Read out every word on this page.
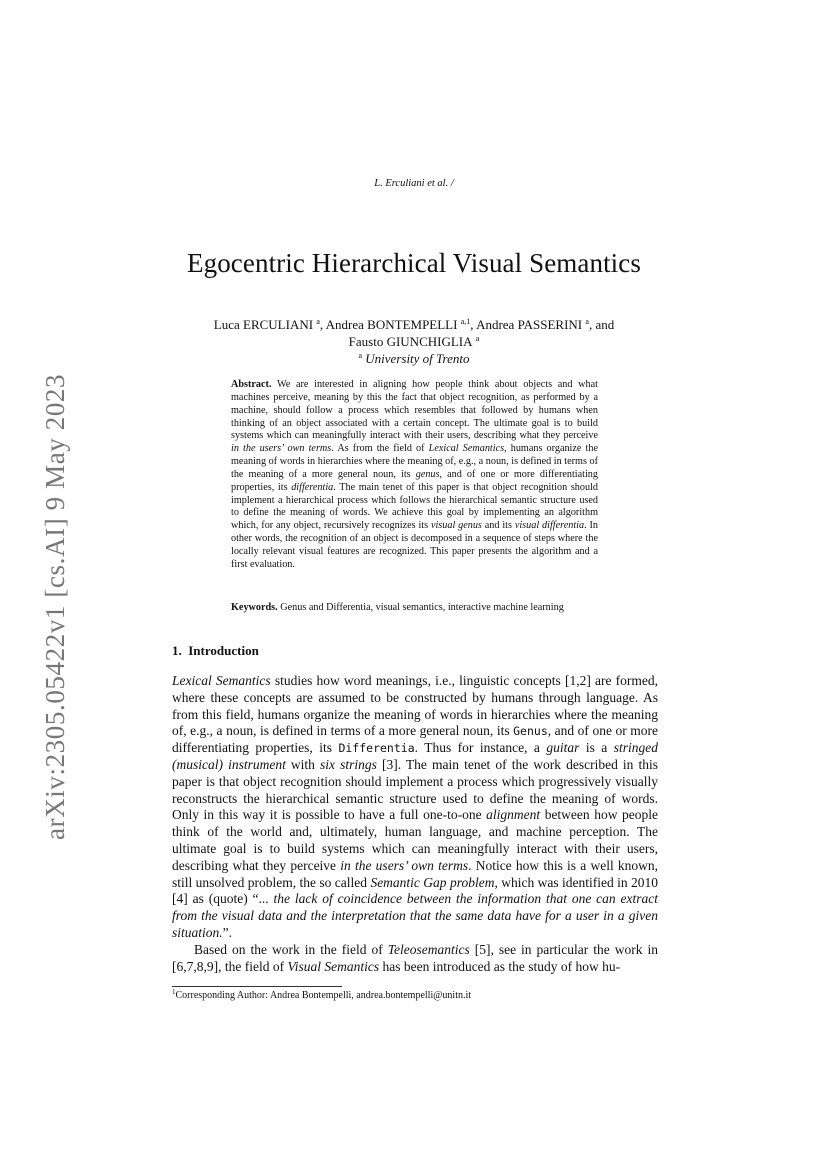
arXiv:2305.05422v1 [cs.AI] 9 May 2023
L. Erculiani et al. /
Egocentric Hierarchical Visual Semantics
Luca ERCULIANI $^a$, Andrea BONTEMPELLI $^{a,1}$, Andrea PASSERINI $^a$, and
Fausto GIUNCHIGLIA $^a$
$^a$ University of Trento
Abstract. We are interested in aligning how people think about objects and what machines perceive, meaning by this the fact that object recognition, as performed by a machine, should follow a process which resembles that followed by humans when thinking of an object associated with a certain concept. The ultimate goal is to build systems which can meaningfully interact with their users, describing what they perceive in the users’ own terms. As from the field of Lexical Semantics, humans organize the meaning of words in hierarchies where the meaning of, e.g., a noun, is defined in terms of the meaning of a more general noun, its genus, and of one or more differentiating properties, its differentia. The main tenet of this paper is that object recognition should implement a hierarchical process which follows the hierarchical semantic structure used to define the meaning of words. We achieve this goal by implementing an algorithm which, for any object, recursively recognizes its visual genus and its visual differentia. In other words, the recognition of an object is decomposed in a sequence of steps where the locally relevant visual features are recognized. This paper presents the algorithm and a first evaluation.
Keywords. Genus and Differentia, visual semantics, interactive machine learning
1. Introduction

Lexical Semantics studies how word meanings, i.e., linguistic concepts [1,2] are formed, where these concepts are assumed to be constructed by humans through language. As from this field, humans organize the meaning of words in hierarchies where the meaning of, e.g., a noun, is defined in terms of a more general noun, its Genus, and of one or more differentiating properties, its Differentia. Thus for instance, a guitar is a stringed (musical) instrument with six strings [3]. The main tenet of the work described in this paper is that object recognition should implement a process which progressively visually reconstructs the hierarchical semantic structure used to define the meaning of words. Only in this way it is possible to have a full one-to-one alignment between how people think of the world and, ultimately, human language, and machine perception. The ultimate goal is to build systems which can meaningfully interact with their users, describing what they perceive in the users’ own terms. Notice how this is a well known, still unsolved problem, the so called Semantic Gap problem, which was identified in 2010 [4] as (quote) “... the lack of coincidence between the information that one can extract from the visual data and the interpretation that the same data have for a user in a given situation.”.

Based on the work in the field of Teleosemantics [5], see in particular the work in [6,7,8,9], the field of Visual Semantics has been introduced as the study of how hu-

$^1$Corresponding Author: Andrea Bontempelli, andrea.bontempelli@unitn.it
